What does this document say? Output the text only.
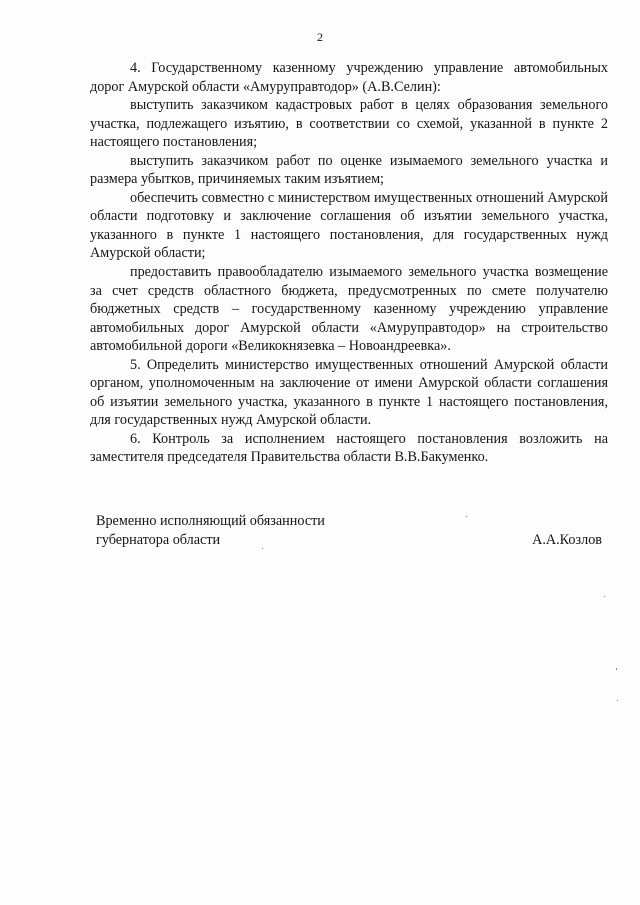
2

4. Государственному казенному учреждению управление автомобильных дорог Амурской области «Амуруправтодор» (А.В.Селин):

выступить заказчиком кадастровых работ в целях образования земельного участка, подлежащего изъятию, в соответствии со схемой, указанной в пункте 2 настоящего постановления;

выступить заказчиком работ по оценке изымаемого земельного участка и размера убытков, причиняемых таким изъятием;

обеспечить совместно с министерством имущественных отношений Амурской области подготовку и заключение соглашения об изъятии земельного участка, указанного в пункте 1 настоящего постановления, для государственных нужд Амурской области;

предоставить правообладателю изымаемого земельного участка возмещение за счет средств областного бюджета, предусмотренных по смете получателю бюджетных средств – государственному казенному учреждению управление автомобильных дорог Амурской области «Амуруправтодор» на строительство автомобильной дороги «Великокнязевка – Новоандреевка».

5. Определить министерство имущественных отношений Амурской области органом, уполномоченным на заключение от имени Амурской области соглашения об изъятии земельного участка, указанного в пункте 1 настоящего постановления, для государственных нужд Амурской области.

6. Контроль за исполнением настоящего постановления возложить на заместителя председателя Правительства области В.В.Бакуменко.

Временно исполняющий обязанности
губернатора области	А.А.Козлов
